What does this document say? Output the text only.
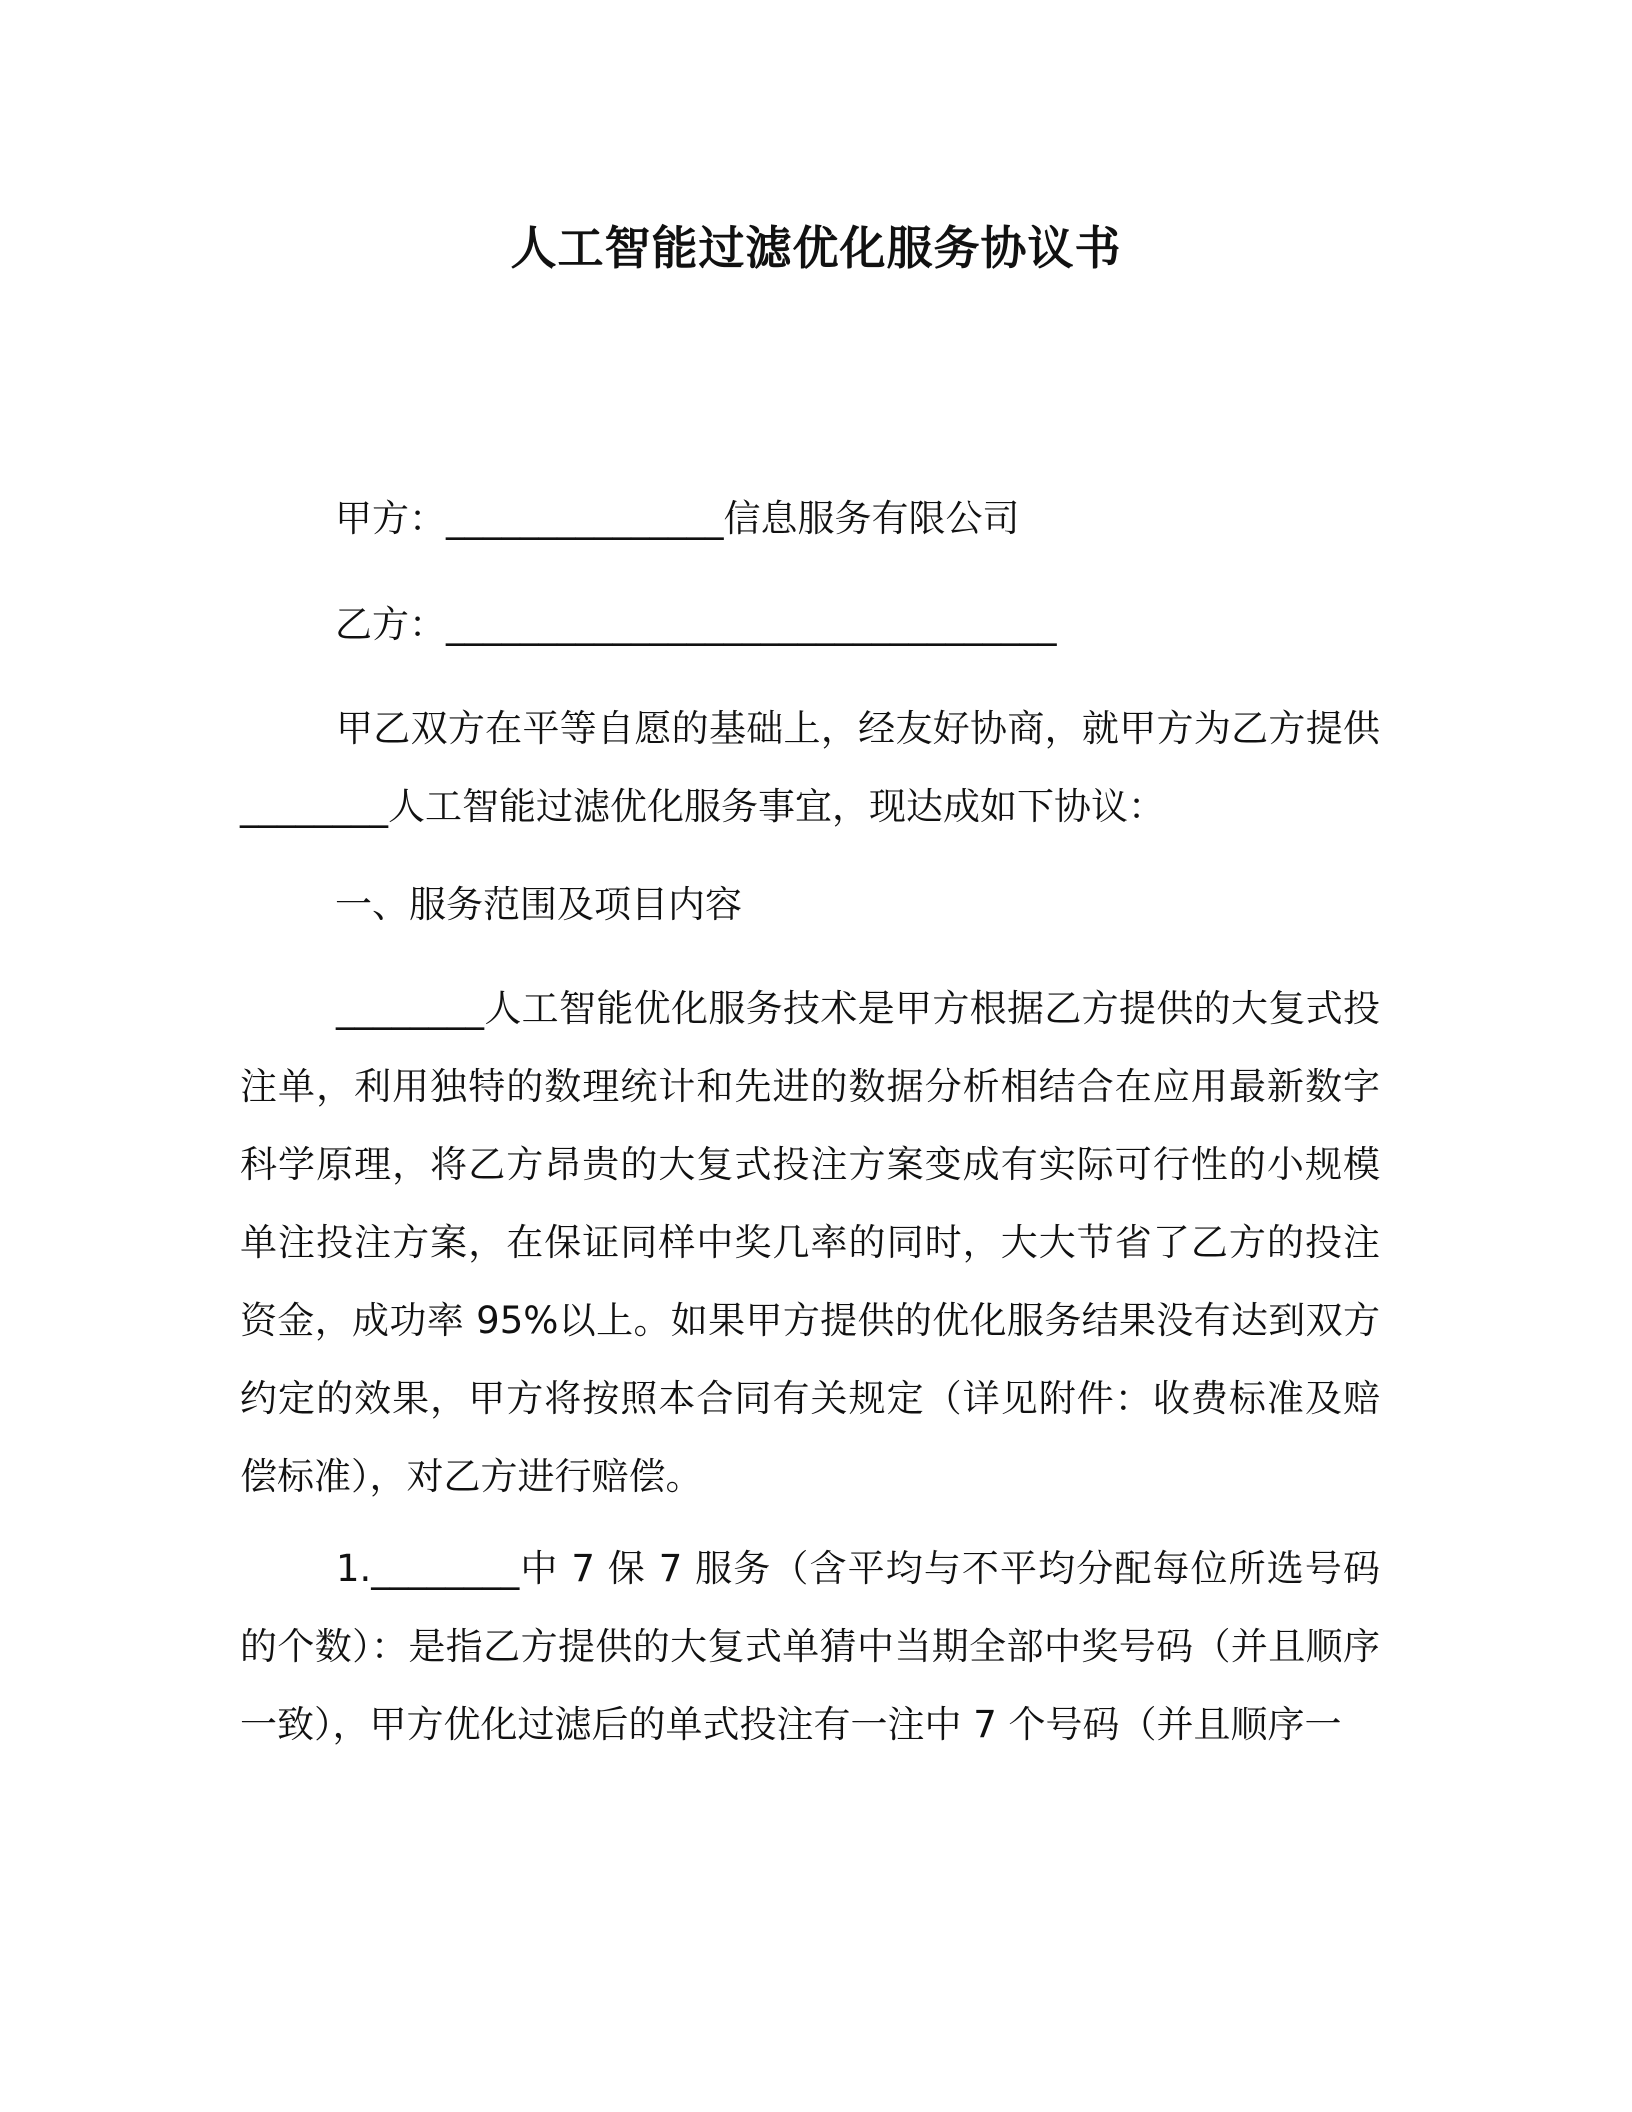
人工智能过滤优化服务协议书
甲方：_______________信息服务有限公司
乙方：_________________________________

甲乙双方在平等自愿的基础上，经友好协商，就甲方为乙方提供________人工智能过滤优化服务事宜，现达成如下协议：

一、服务范围及项目内容

________人工智能优化服务技术是甲方根据乙方提供的大复式投注单，利用独特的数理统计和先进的数据分析相结合在应用最新数字科学原理，将乙方昂贵的大复式投注方案变成有实际可行性的小规模单注投注方案，在保证同样中奖几率的同时，大大节省了乙方的投注资金，成功率 95%以上。如果甲方提供的优化服务结果没有达到双方约定的效果，甲方将按照本合同有关规定（详见附件：收费标准及赔偿标准），对乙方进行赔偿。

1.________中 7 保 7 服务（含平均与不平均分配每位所选号码的个数）：是指乙方提供的大复式单猜中当期全部中奖号码（并且顺序一致），甲方优化过滤后的单式投注有一注中 7 个号码（并且顺序一
